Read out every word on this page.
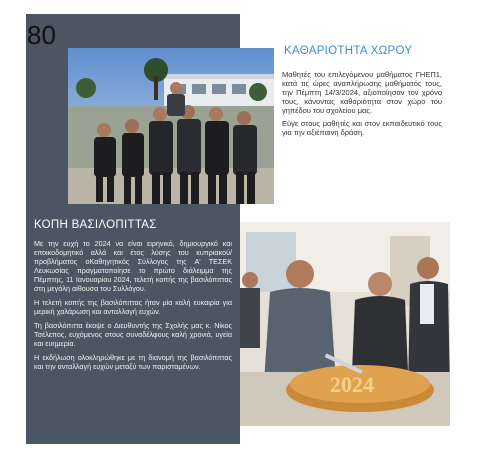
80
ΚΑΘΑΡΙΟΤΗΤΑ ΧΩΡΟΥ

Μαθητές του επιλεγόμενου μαθήματος ΓΗΕΠ1, κατά τις ώρες αναπλήρωσης μαθήματός τους, την Πέμπτη 14/3/2024, αξιοποίησαν τον χρόνο τους, κάνοντας καθαριότητα στον χώρο του γηπέδου του σχολείου μας.

Εύγε στους μαθητές και στον εκπαιδευτικό τους για την αξιέπαινη δράση.

ΚΟΠΗ ΒΑΣΙΛΟΠΙΤΤΑΣ

Με την ευχή το 2024 να είναι ειρηνικό, δημιουργικό και εποικοδομητικό αλλά και έτος λύσης του κυπριακού/προβλήματος οΚαθηγητικός Σύλλογος της Α' ΤΕΣΕΚ Λευκωσίας πραγματοποίησε το πρώτο διάλειμμα της Πέμπτης, 11 Ιανουαρίου 2024, τελετή κοπής της βασιλόπιττας στη μεγάλη αίθουσα του Συλλόγου.

Η τελετή κοπής της βασιλόπιττας ήταν μία καλή ευκαιρία για μερική χαλάρωση και ανταλλαγή ευχών.

Τη βασιλόπιττα έκοψε ο Διευθυντής της Σχολής μας κ. Νίκος Τσέλεπος, ευχόμενος στους συναδέλφους καλή χρονιά, υγεία και ευημερία.

Η εκδήλωση ολοκληρώθηκε με τη διανομή της βασιλόπιττας και την ανταλλαγή ευχών μεταξύ των παρισταμένων.

2024
